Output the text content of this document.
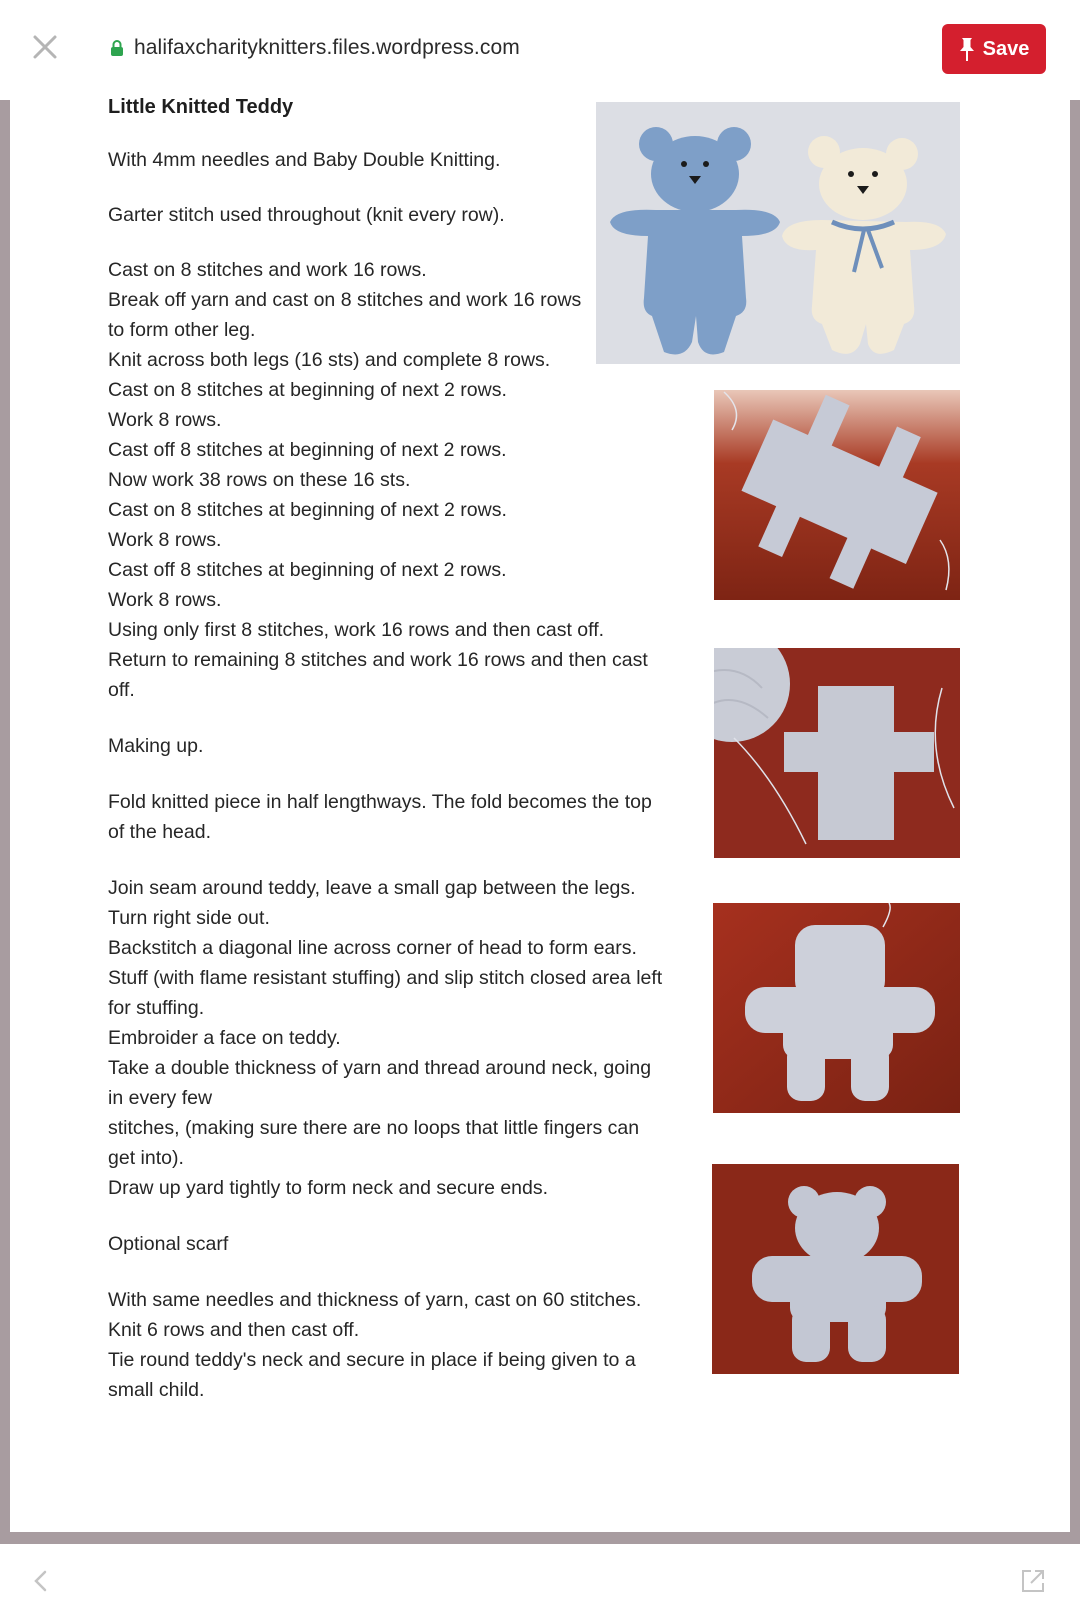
halifaxcharityknitters.files.wordpress.com	Save
Little Knitted Teddy
With 4mm needles and Baby Double Knitting.
Garter stitch used throughout (knit every row).
Cast on 8 stitches and work 16 rows.
Break off yarn and cast on 8 stitches and work 16 rows
to form other leg.
Knit across both legs (16 sts) and complete 8 rows.
Cast on 8 stitches at beginning of next 2 rows.
Work 8 rows.
Cast off 8 stitches at beginning of next 2 rows.
Now work 38 rows on these 16 sts.
Cast on 8 stitches at beginning of next 2 rows.
Work 8 rows.
Cast off 8 stitches at beginning of next 2 rows.
Work 8 rows.
Using only first 8 stitches, work 16 rows and then cast off.
Return to remaining 8 stitches and work 16 rows and then cast
off.
Making up.
Fold knitted piece in half lengthways. The fold becomes the top
of the head.
Join seam around teddy, leave a small gap between the legs.
Turn right side out.
Backstitch a diagonal line across corner of head to form ears.
Stuff (with flame resistant stuffing) and slip stitch closed area left
for stuffing.
Embroider a face on teddy.
Take a double thickness of yarn and thread around neck, going
in every few
stitches, (making sure there are no loops that little fingers can
get into).
Draw up yard tightly to form neck and secure ends.
Optional scarf
With same needles and thickness of yarn, cast on 60 stitches.
Knit 6 rows and then cast off.
Tie round teddy's neck and secure in place if being given to a
small child.
